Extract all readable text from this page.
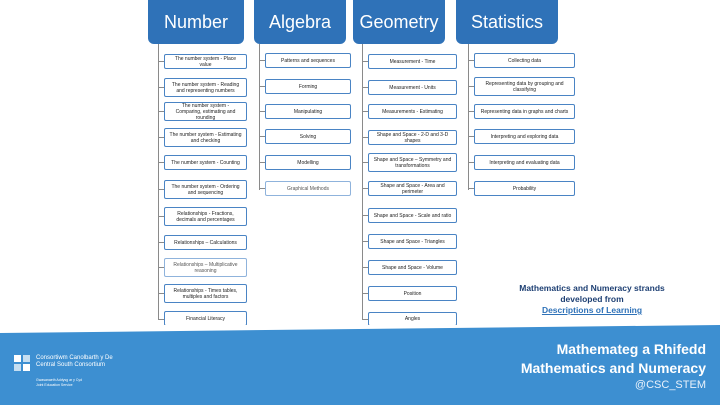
Number	Algebra	Geometry	Statistics
The number system - Place value
The number system - Reading and representing numbers
The number system - Comparing, estimating and rounding
The number system - Estimating and checking
The number system - Counting
The number system - Ordering and sequencing
Relationships - Fractions, decimals and percentages
Relationships – Calculations
Relationships – Multiplicative reasoning
Relationships - Times tables, multiples and factors
Financial Literacy
Patterns and sequences
Forming
Manipulating
Solving
Modelling
Graphical Methods
Measurement - Time
Measurement - Units
Measurements - Estimating
Shape and Space - 2-D and 3-D shapes
Shape and Space – Symmetry and transformations
Shape and Space - Area and perimeter
Shape and Space - Scale and ratio
Shape and Space - Triangles
Shape and Space - Volume
Position
Angles
Collecting data
Representing data by grouping and classifying
Representing data in graphs and charts
Interpreting and exploring data
Interpreting and evaluating data
Probability
Mathematics and Numeracy strands
developed from
Descriptions of Learning
Consortiwm Canolbarth y De
Central South Consortium
Gwasanaeth Addysg ar y Cyd
Joint Education Service
Mathemateg a Rhifedd
Mathematics and Numeracy
@CSC_STEM
